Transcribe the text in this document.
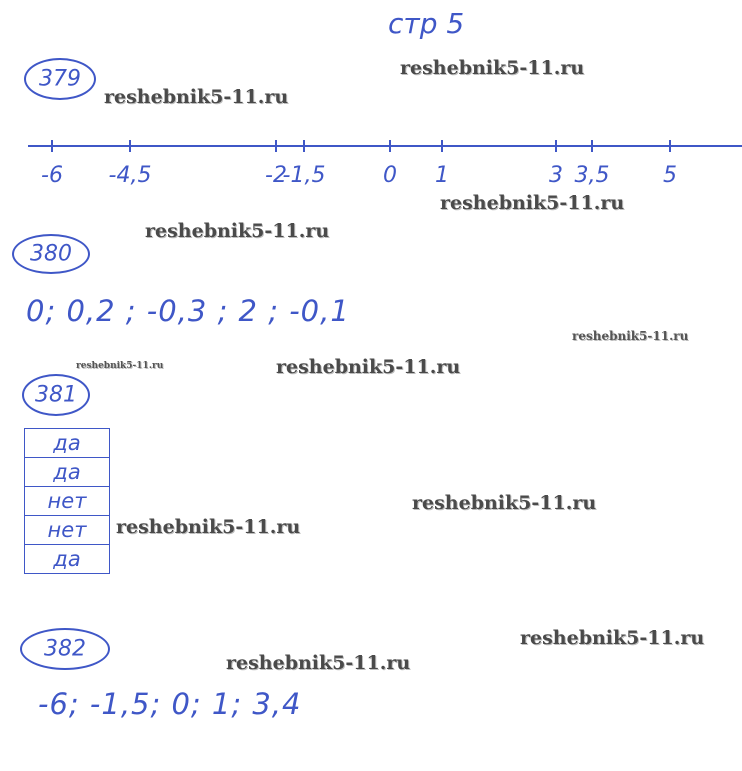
стр 5
reshebnik5-11.ru
reshebnik5-11.ru
reshebnik5-11.ru
reshebnik5-11.ru
reshebnik5-11.ru
reshebnik5-11.ru	reshebnik5-11.ru
reshebnik5-11.ru
reshebnik5-11.ru
reshebnik5-11.ru
reshebnik5-11.ru
379
-6 -4,5	-2
-1,5	0 1	3 3,5 5
380
0; 0,2 ; -0,3 ; 2 ; -0,1
381
да
да
нет
нет
да
382
-6; -1,5; 0; 1; 3,4
